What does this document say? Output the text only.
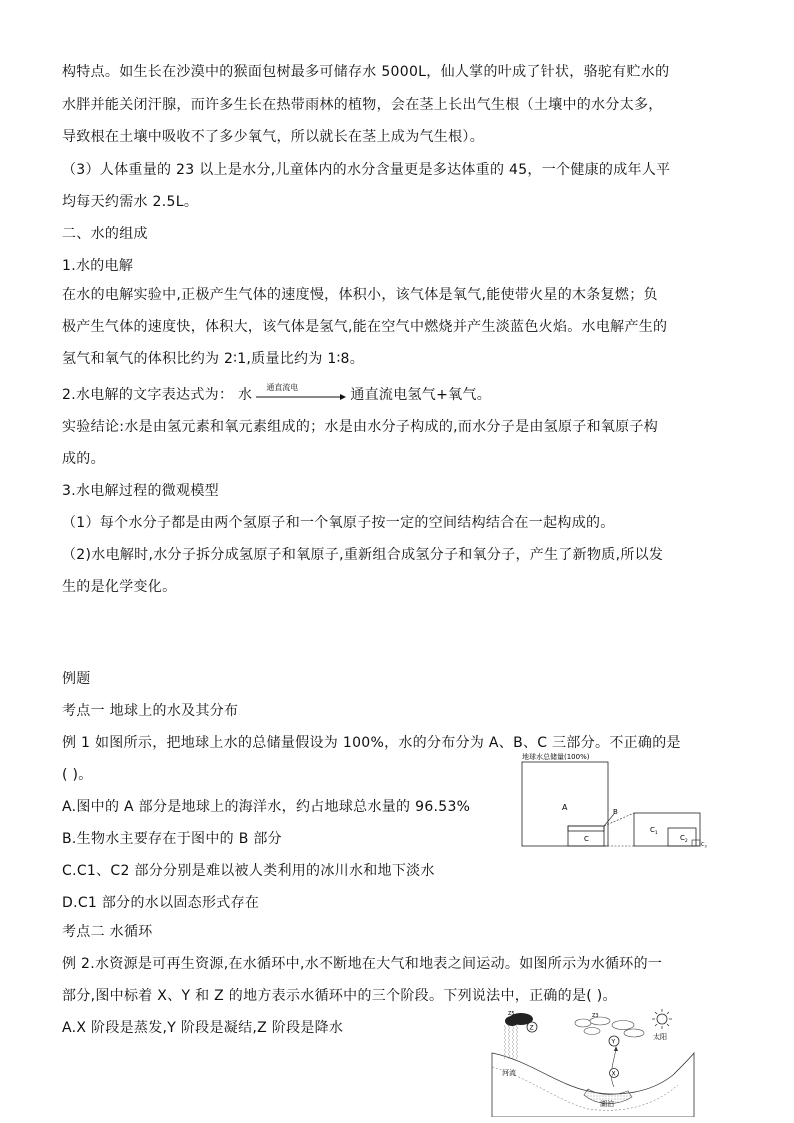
构特点。如生长在沙漠中的猴面包树最多可储存水 5000L，仙人掌的叶成了针状，骆驼有贮水的
水胖并能关闭汗腺，而许多生长在热带雨林的植物，会在茎上长出气生根（土壤中的水分太多，
导致根在土壤中吸收不了多少氧气，所以就长在茎上成为气生根）。
（3）人体重量的 23 以上是水分,儿童体内的水分含量更是多达体重的 45，一个健康的成年人平
均每天约需水 2.5L。
二、水的组成
1.水的电解
在水的电解实验中,正极产生气体的速度慢，体积小，该气体是氧气,能使带火星的木条复燃；负
极产生气体的速度快，体积大，该气体是氢气,能在空气中燃烧并产生淡蓝色火焰。水电解产生的
氢气和氧气的体积比约为 2∶1,质量比约为 1∶8。
2.水电解的文字表达式为： 水 通直流电	通直流电氢气+氧气。
实验结论:水是由氢元素和氧元素组成的；水是由水分子构成的,而水分子是由氢原子和氧原子构
成的。
3.水电解过程的微观模型
（1）每个水分子都是由两个氢原子和一个氧原子按一定的空间结构结合在一起构成的。
（2)水电解时,水分子拆分成氢原子和氧原子,重新组合成氢分子和氧分子，产生了新物质,所以发
生的是化学变化。
例题
考点一 地球上的水及其分布
例 1 如图所示，把地球上水的总储量假设为 100%，水的分布分为 A、B、C 三部分。不正确的是
( )。
A.图中的 A 部分是地球上的海洋水，约占地球总水量的 96.53%
B.生物水主要存在于图中的 B 部分
C.C1、C2 部分分别是难以被人类利用的冰川水和地下淡水
D.C1 部分的水以固态形式存在
考点二 水循环
例 2.水资源是可再生资源,在水循环中,水不断地在大气和地表之间运动。如图所示为水循环的一
部分,图中标着 X、Y 和 Z 的地方表示水循环中的三个阶段。下列说法中，正确的是( )。
A.X 阶段是蒸发,Y 阶段是凝结,Z 阶段是降水
地球水总储量(100%)
A
C
B
$C_1$
$C_2$
$C_3$
湖泊
河流
Z5
Z
Z3
Y
X
太阳
